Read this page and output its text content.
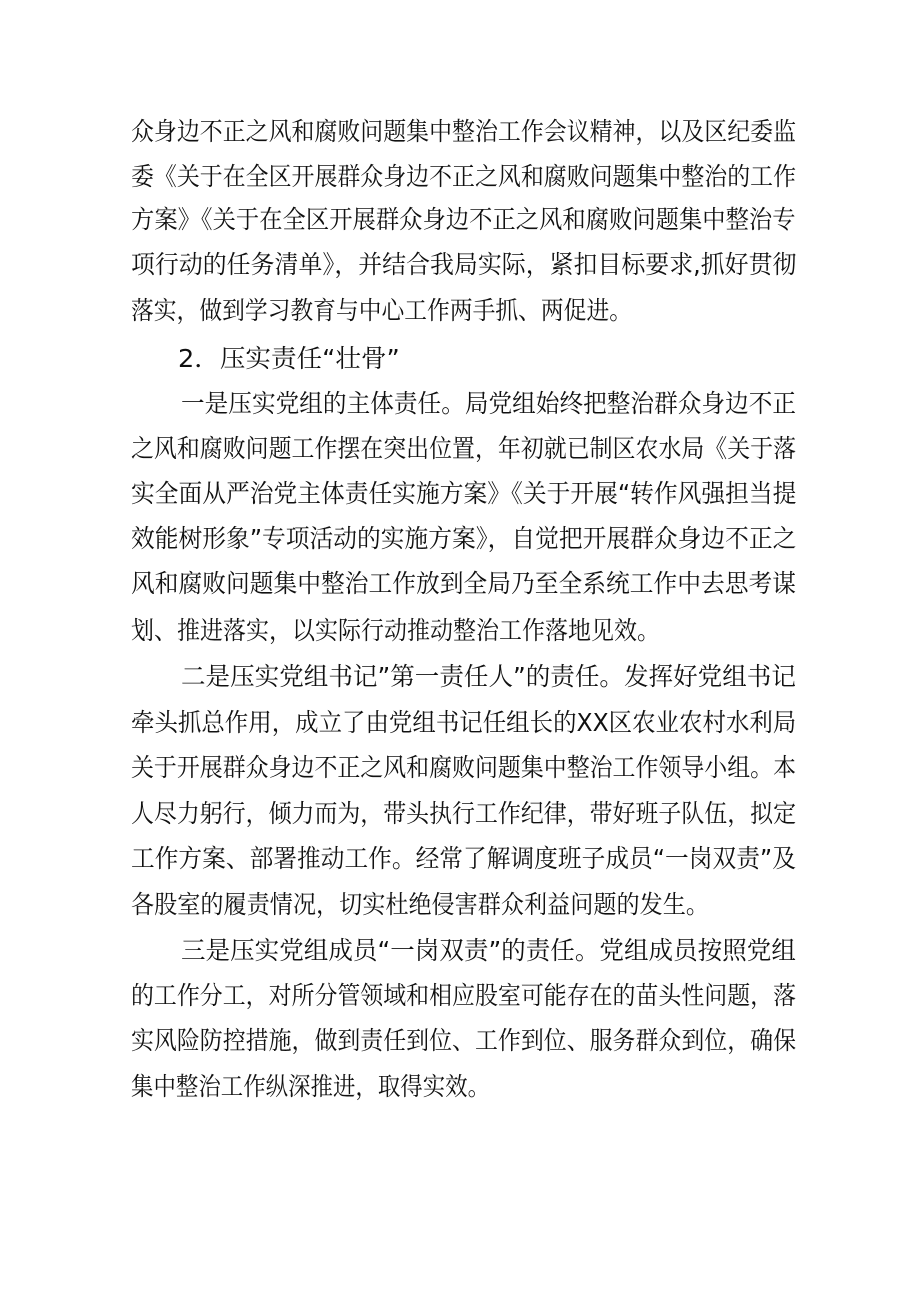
众身边不正之风和腐败问题集中整治工作会议精神，以及区纪委监
委《关于在全区开展群众身边不正之风和腐败问题集中整治的工作
方案》《关于在全区开展群众身边不正之风和腐败问题集中整治专
项行动的任务清单》，并结合我局实际，紧扣目标要求,抓好贯彻
落实，做到学习教育与中心工作两手抓、两促进。
2．压实责任“壮骨”
一是压实党组的主体责任。局党组始终把整治群众身边不正
之风和腐败问题工作摆在突出位置，年初就已制区农水局《关于落
实全面从严治党主体责任实施方案》《关于开展“转作风强担当提
效能树形象”专项活动的实施方案》，自觉把开展群众身边不正之
风和腐败问题集中整治工作放到全局乃至全系统工作中去思考谋
划、推进落实，以实际行动推动整治工作落地见效。
二是压实党组书记”第一责任人”的责任。发挥好党组书记
牵头抓总作用，成立了由党组书记任组长的XX区农业农村水利局
关于开展群众身边不正之风和腐败问题集中整治工作领导小组。本
人尽力躬行，倾力而为，带头执行工作纪律，带好班子队伍，拟定
工作方案、部署推动工作。经常了解调度班子成员“一岗双责”及
各股室的履责情况，切实杜绝侵害群众利益问题的发生。
三是压实党组成员“一岗双责”的责任。党组成员按照党组
的工作分工，对所分管领域和相应股室可能存在的苗头性问题，落
实风险防控措施，做到责任到位、工作到位、服务群众到位，确保
集中整治工作纵深推进，取得实效。
